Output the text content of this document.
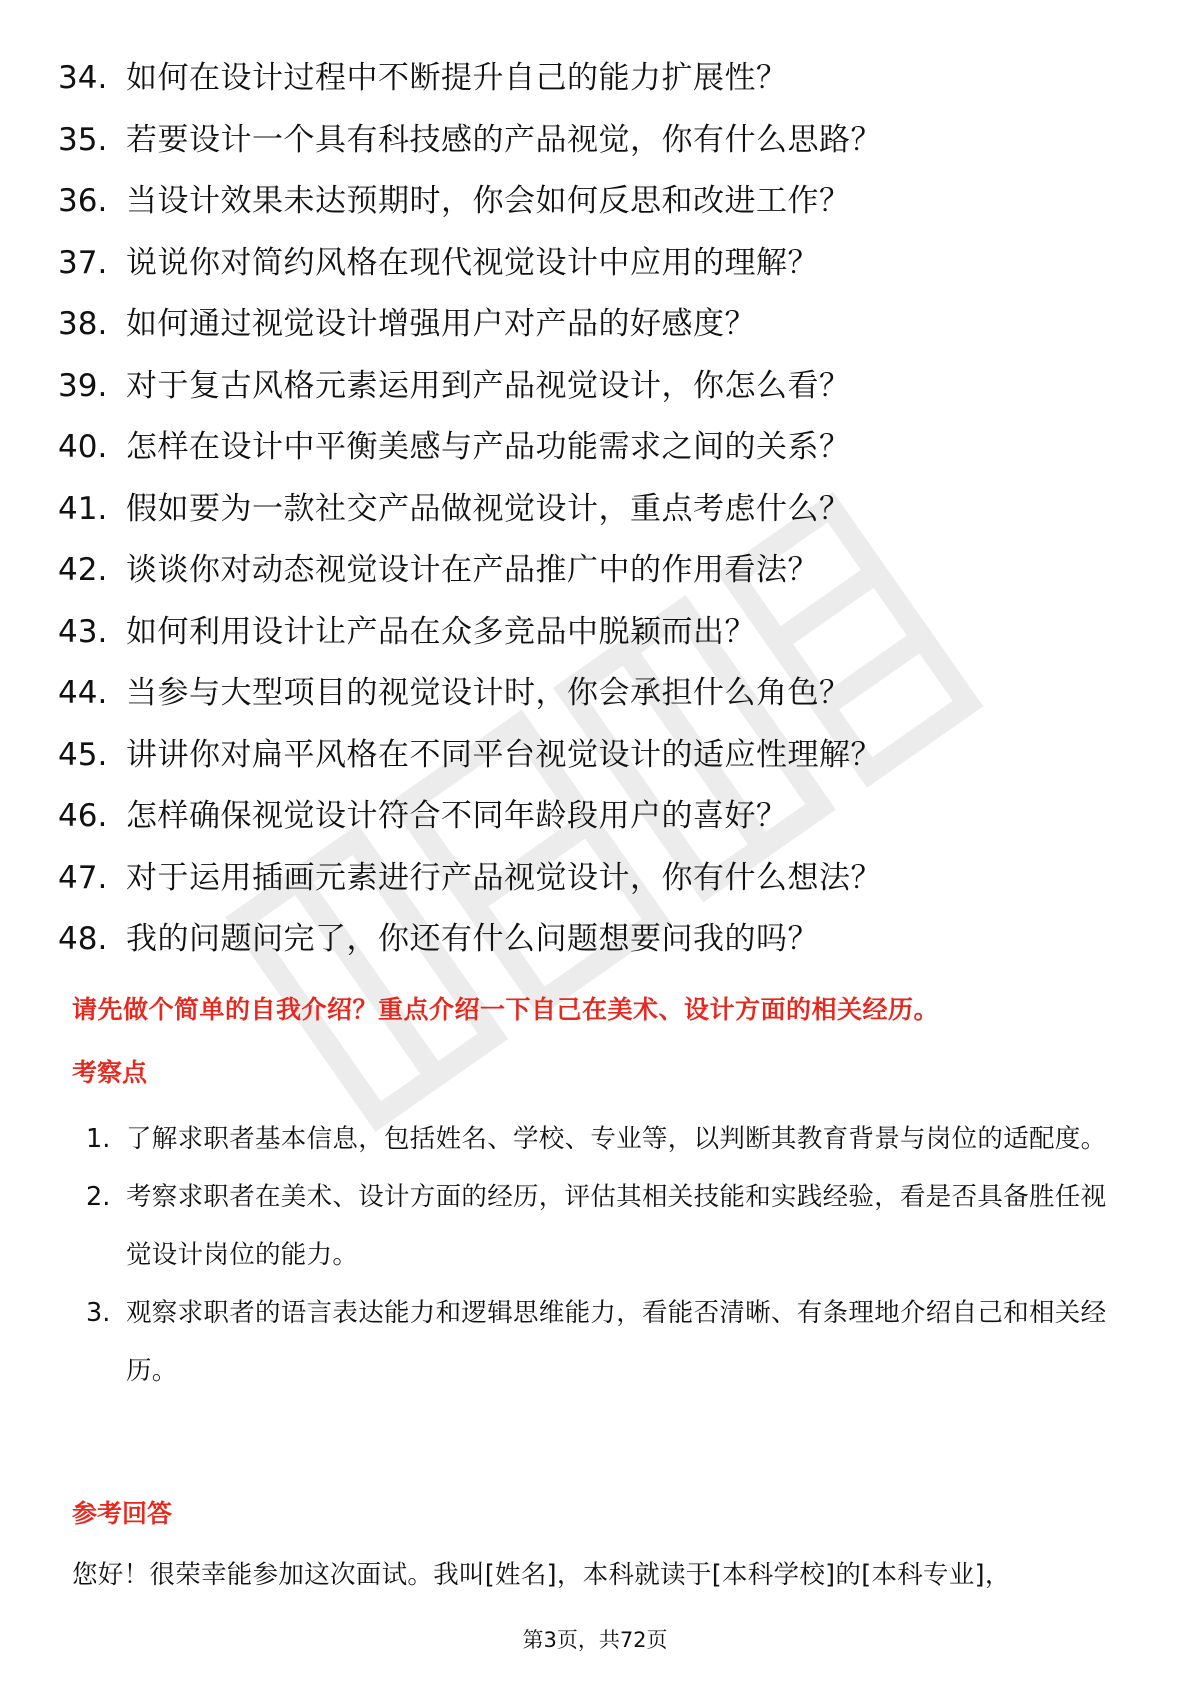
34. 如何在设计过程中不断提升自己的能力扩展性？
35. 若要设计一个具有科技感的产品视觉，你有什么思路？
36. 当设计效果未达预期时，你会如何反思和改进工作？
37. 说说你对简约风格在现代视觉设计中应用的理解？
38. 如何通过视觉设计增强用户对产品的好感度？
39. 对于复古风格元素运用到产品视觉设计，你怎么看？
40. 怎样在设计中平衡美感与产品功能需求之间的关系？
41. 假如要为一款社交产品做视觉设计，重点考虑什么？
42. 谈谈你对动态视觉设计在产品推广中的作用看法？
43. 如何利用设计让产品在众多竞品中脱颖而出？
44. 当参与大型项目的视觉设计时，你会承担什么角色？
45. 讲讲你对扁平风格在不同平台视觉设计的适应性理解？
46. 怎样确保视觉设计符合不同年龄段用户的喜好？
47. 对于运用插画元素进行产品视觉设计，你有什么想法？
48. 我的问题问完了，你还有什么问题想要问我的吗？
请先做个简单的自我介绍？重点介绍一下自己在美术、设计方面的相关经历。
考察点
1. 了解求职者基本信息，包括姓名、学校、专业等，以判断其教育背景与岗位的适配度。
2. 考察求职者在美术、设计方面的经历，评估其相关技能和实践经验，看是否具备胜任视觉设计岗位的能力。
3. 观察求职者的语言表达能力和逻辑思维能力，看能否清晰、有条理地介绍自己和相关经历。
参考回答

您好！很荣幸能参加这次面试。我叫[姓名]，本科就读于[本科学校]的[本科专业]，

第3页，共72页
